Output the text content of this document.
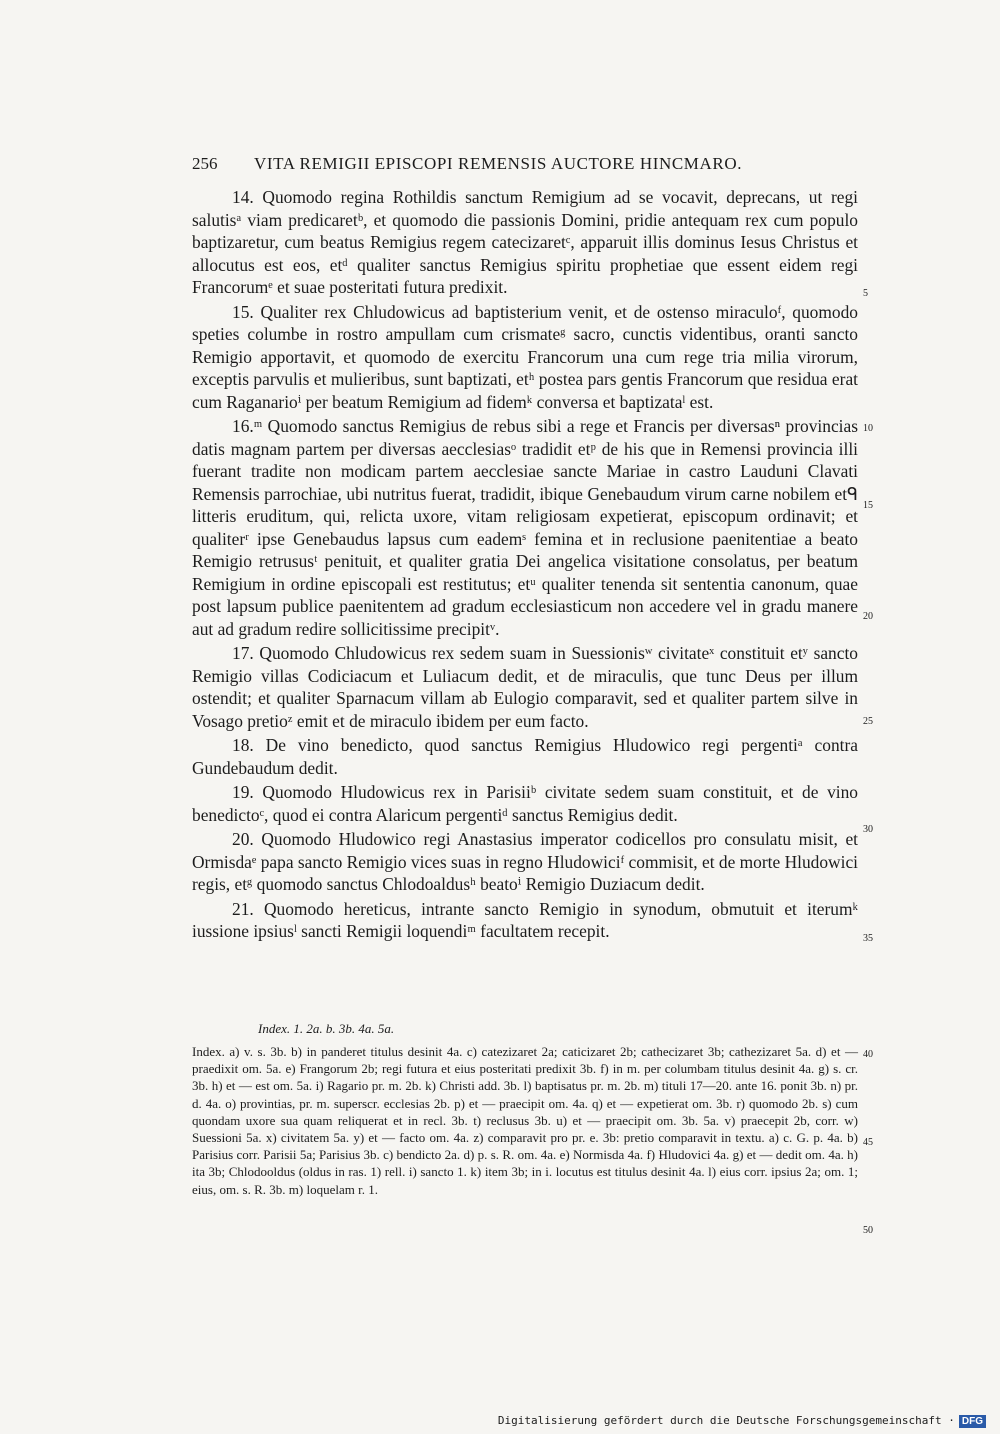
256 VITA REMIGII EPISCOPI REMENSIS AUCTORE HINCMARO.

14. Quomodo regina Rothildis sanctum Remigium ad se vocavit, deprecans, ut regi salutisᵃ viam predicaretᵇ, et quomodo die passionis Domini, pridie antequam rex cum populo baptizaretur, cum beatus Remigius regem catecizaretᶜ, apparuit illis dominus Iesus Christus et allocutus est eos, etᵈ qualiter sanctus Remigius spiritu prophetiae que essent eidem regi Francorumᵉ et suae posteritati futura predixit.

15. Qualiter rex Chludowicus ad baptisterium venit, et de ostenso miraculoᶠ, quomodo speties columbe in rostro ampullam cum crismateᵍ sacro, cunctis videntibus, oranti sancto Remigio apportavit, et quomodo de exercitu Francorum una cum rege tria milia virorum, exceptis parvulis et mulieribus, sunt baptizati, etʰ postea pars gentis Francorum que residua erat cum Raganarioⁱ per beatum Remigium ad fidemᵏ conversa et baptizataˡ est.

16.ᵐ Quomodo sanctus Remigius de rebus sibi a rege et Francis per diversasⁿ provincias datis magnam partem per diversas aecclesiasᵒ tradidit etᵖ de his que in Remensi provincia illi fuerant tradite non modicam partem aecclesiae sancte Mariae in castro Lauduni Clavati Remensis parrochiae, ubi nutritus fuerat, tradidit, ibique Genebaudum virum carne nobilem etᑫ litteris eruditum, qui, relicta uxore, vitam religiosam expetierat, episcopum ordinavit; et qualiterʳ ipse Genebaudus lapsus cum eademˢ femina et in reclusione paenitentiae a beato Remigio retrususᵗ penituit, et qualiter gratia Dei angelica visitatione consolatus, per beatum Remigium in ordine episcopali est restitutus; etᵘ qualiter tenenda sit sententia canonum, quae post lapsum publice paenitentem ad gradum ecclesiasticum non accedere vel in gradu manere aut ad gradum redire sollicitissime precipitᵛ.

17. Quomodo Chludowicus rex sedem suam in Suessionisʷ civitateˣ constituit etʸ sancto Remigio villas Codiciacum et Luliacum dedit, et de miraculis, que tunc Deus per illum ostendit; et qualiter Sparnacum villam ab Eulogio comparavit, sed et qualiter partem silve in Vosago pretioᶻ emit et de miraculo ibidem per eum facto.

18. De vino benedicto, quod sanctus Remigius Hludowico regi pergentiᵃ contra Gundebaudum dedit.

19. Quomodo Hludowicus rex in Parisiiᵇ civitate sedem suam constituit, et de vino benedictoᶜ, quod ei contra Alaricum pergentiᵈ sanctus Remigius dedit.

20. Quomodo Hludowico regi Anastasius imperator codicellos pro consulatu misit, et Ormisdaᵉ papa sancto Remigio vices suas in regno Hludowiciᶠ commisit, et de morte Hludowici regis, etᵍ quomodo sanctus Chlodoaldusʰ beatoⁱ Remigio Duziacum dedit.

21. Quomodo hereticus, intrante sancto Remigio in synodum, obmutuit et iterumᵏ iussione ipsiusˡ sancti Remigii loquendiᵐ facultatem recepit.

5
10
15
20
25
30
35
40
45
50
Index. 1. 2a. b. 3b. 4a. 5a.
Index. a) v. s. 3b. b) in panderet titulus desinit 4a. c) catezizaret 2a; caticizaret 2b; cathecizaret 3b; cathezizaret 5a. d) et — praedixit om. 5a. e) Frangorum 2b; regi futura et eius posteritati predixit 3b. f) in m. per columbam titulus desinit 4a. g) s. cr. 3b. h) et — est om. 5a. i) Ragario pr. m. 2b. k) Christi add. 3b. l) baptisatus pr. m. 2b. m) tituli 17—20. ante 16. ponit 3b. n) pr. d. 4a. o) provintias, pr. m. superscr. ecclesias 2b. p) et — praecipit om. 4a. q) et — expetierat om. 3b. r) quomodo 2b. s) cum quondam uxore sua quam reliquerat et in recl. 3b. t) reclusus 3b. u) et — praecipit om. 3b. 5a. v) praecepit 2b, corr. w) Suessioni 5a. x) civitatem 5a. y) et — facto om. 4a. z) comparavit pro pr. e. 3b: pretio comparavit in textu. a) c. G. p. 4a. b) Parisius corr. Parisii 5a; Parisius 3b. c) bendicto 2a. d) p. s. R. om. 4a. e) Normisda 4a. f) Hludovici 4a. g) et — dedit om. 4a. h) ita 3b; Chlodooldus (oldus in ras. 1) rell. i) sancto 1. k) item 3b; in i. locutus est titulus desinit 4a. l) eius corr. ipsius 2a; om. 1; eius, om. s. R. 3b. m) loquelam r. 1.
Digitalisierung gefördert durch die Deutsche Forschungsgemeinschaft · DFG
